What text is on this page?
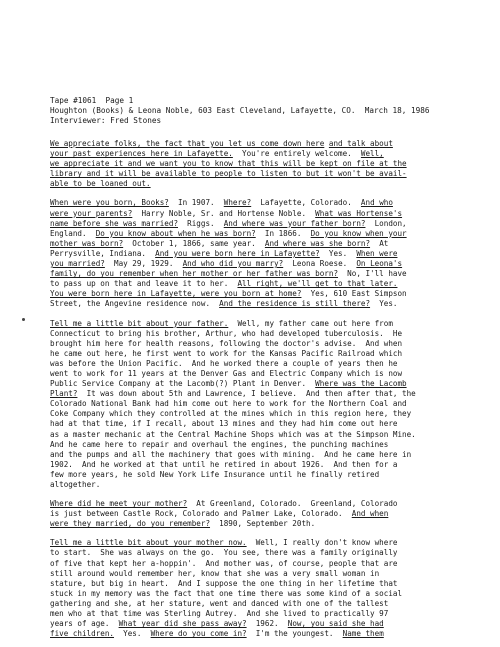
Tape #1061  Page 1
Houghton (Books) & Leona Noble, 603 East Cleveland, Lafayette, CO.  March 18, 1986
Interviewer: Fred Stones
We appreciate folks, the fact that you let us come down here and talk about
your past experiences here in Lafayette.  You're entirely welcome.  Well,
we appreciate it and we want you to know that this will be kept on file at the
library and it will be available to people to listen to but it won't be avail-
able to be loaned out.
When were you born, Books?  In 1907.  Where?  Lafayette, Colorado.  And who
were your parents?  Harry Noble, Sr. and Hortense Noble.  What was Hortense's
name before she was married?  Riggs.  And where was your father born?  London,
England.  Do you know about when he was born?  In 1866.  Do you know when your
mother was born?  October 1, 1866, same year.  And where was she born?  At
Perrysville, Indiana.  And you were born here in Lafayette?  Yes.  When were
you married?  May 29, 1929.  And who did you marry?  Leona Roese.  On Leona's
family, do you remember when her mother or her father was born?  No, I'll have
to pass up on that and leave it to her.  All right, we'll get to that later.
You were born here in Lafayette, were you born at home?  Yes, 610 East Simpson
Street, the Angevine residence now.  And the residence is still there?  Yes.
Tell me a little bit about your father.  Well, my father came out here from
Connecticut to bring his brother, Arthur, who had developed tuberculosis.  He
brought him here for health reasons, following the doctor's advise.  And when
he came out here, he first went to work for the Kansas Pacific Railroad which
was before the Union Pacific.  And he worked there a couple of years then he
went to work for 11 years at the Denver Gas and Electric Company which is now
Public Service Company at the Lacomb(?) Plant in Denver.  Where was the Lacomb
Plant?  It was down about 5th and Lawrence, I believe.  And then after that, the
Colorado National Bank had him come out here to work for the Northern Coal and
Coke Company which they controlled at the mines which in this region here, they
had at that time, if I recall, about 13 mines and they had him come out here
as a master mechanic at the Central Machine Shops which was at the Simpson Mine.
And he came here to repair and overhaul the engines, the punching machines
and the pumps and all the machinery that goes with mining.  And he came here in
1902.  And he worked at that until he retired in about 1926.  And then for a
few more years, he sold New York Life Insurance until he finally retired
altogether.
Where did he meet your mother?  At Greenland, Colorado.  Greenland, Colorado
is just between Castle Rock, Colorado and Palmer Lake, Colorado.  And when
were they married, do you remember?  1890, September 20th.
Tell me a little bit about your mother now.  Well, I really don't know where
to start.  She was always on the go.  You see, there was a family originally
of five that kept her a-hoppin'.  And mother was, of course, people that are
still around would remember her, know that she was a very small woman in
stature, but big in heart.  And I suppose the one thing in her lifetime that
stuck in my memory was the fact that one time there was some kind of a social
gathering and she, at her stature, went and danced with one of the tallest
men who at that time was Sterling Autrey.  And she lived to practically 97
years of age.  What year did she pass away?  1962.  Now, you said she had
five children.  Yes.  Where do you come in?  I'm the youngest.  Name them
